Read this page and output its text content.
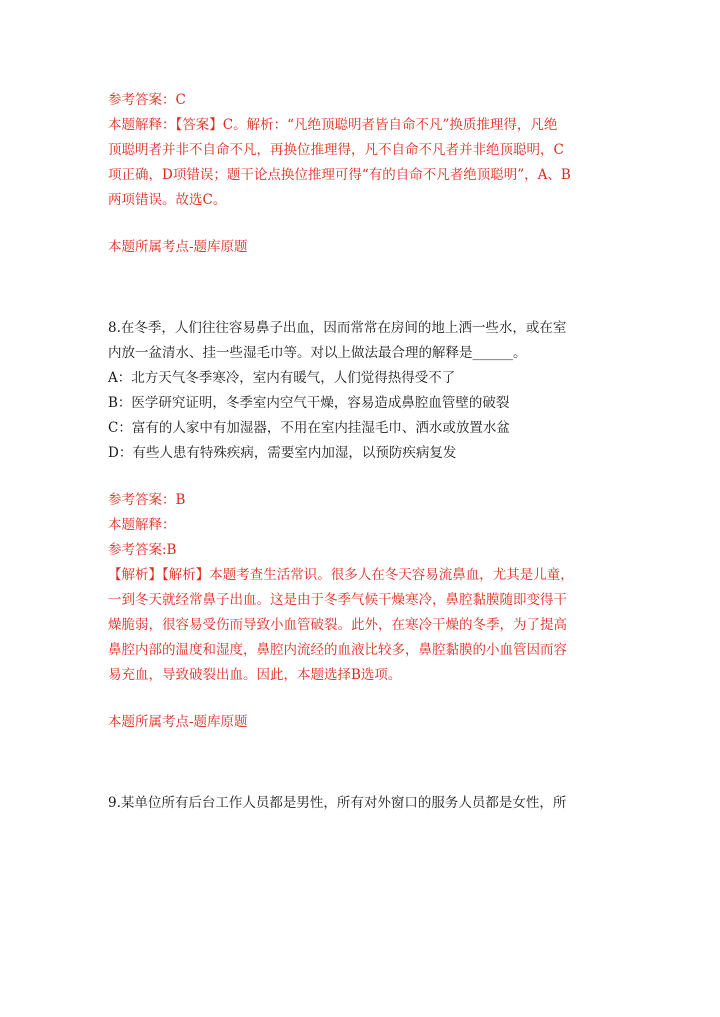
参考答案：C
本题解释：【答案】C。解析：“凡绝顶聪明者皆自命不凡”换质推理得，凡绝
顶聪明者并非不自命不凡，再换位推理得，凡不自命不凡者并非绝顶聪明，C
项正确，D项错误；题干论点换位推理可得“有的自命不凡者绝顶聪明”，A、B
两项错误。故选C。
本题所属考点-题库原题
8.在冬季，人们往往容易鼻子出血，因而常常在房间的地上洒一些水，或在室
内放一盆清水、挂一些湿毛巾等。对以上做法最合理的解释是______。
A：北方天气冬季寒冷，室内有暖气，人们觉得热得受不了
B：医学研究证明，冬季室内空气干燥，容易造成鼻腔血管壁的破裂
C：富有的人家中有加湿器，不用在室内挂湿毛巾、洒水或放置水盆
D：有些人患有特殊疾病，需要室内加湿，以预防疾病复发
参考答案：B
本题解释：
参考答案:B
【解析】【解析】本题考查生活常识。很多人在冬天容易流鼻血，尤其是儿童，
一到冬天就经常鼻子出血。这是由于冬季气候干燥寒冷，鼻腔黏膜随即变得干
燥脆弱，很容易受伤而导致小血管破裂。此外，在寒冷干燥的冬季，为了提高
鼻腔内部的温度和湿度，鼻腔内流经的血液比较多，鼻腔黏膜的小血管因而容
易充血，导致破裂出血。因此，本题选择B选项。
本题所属考点-题库原题
9.某单位所有后台工作人员都是男性，所有对外窗口的服务人员都是女性，所
